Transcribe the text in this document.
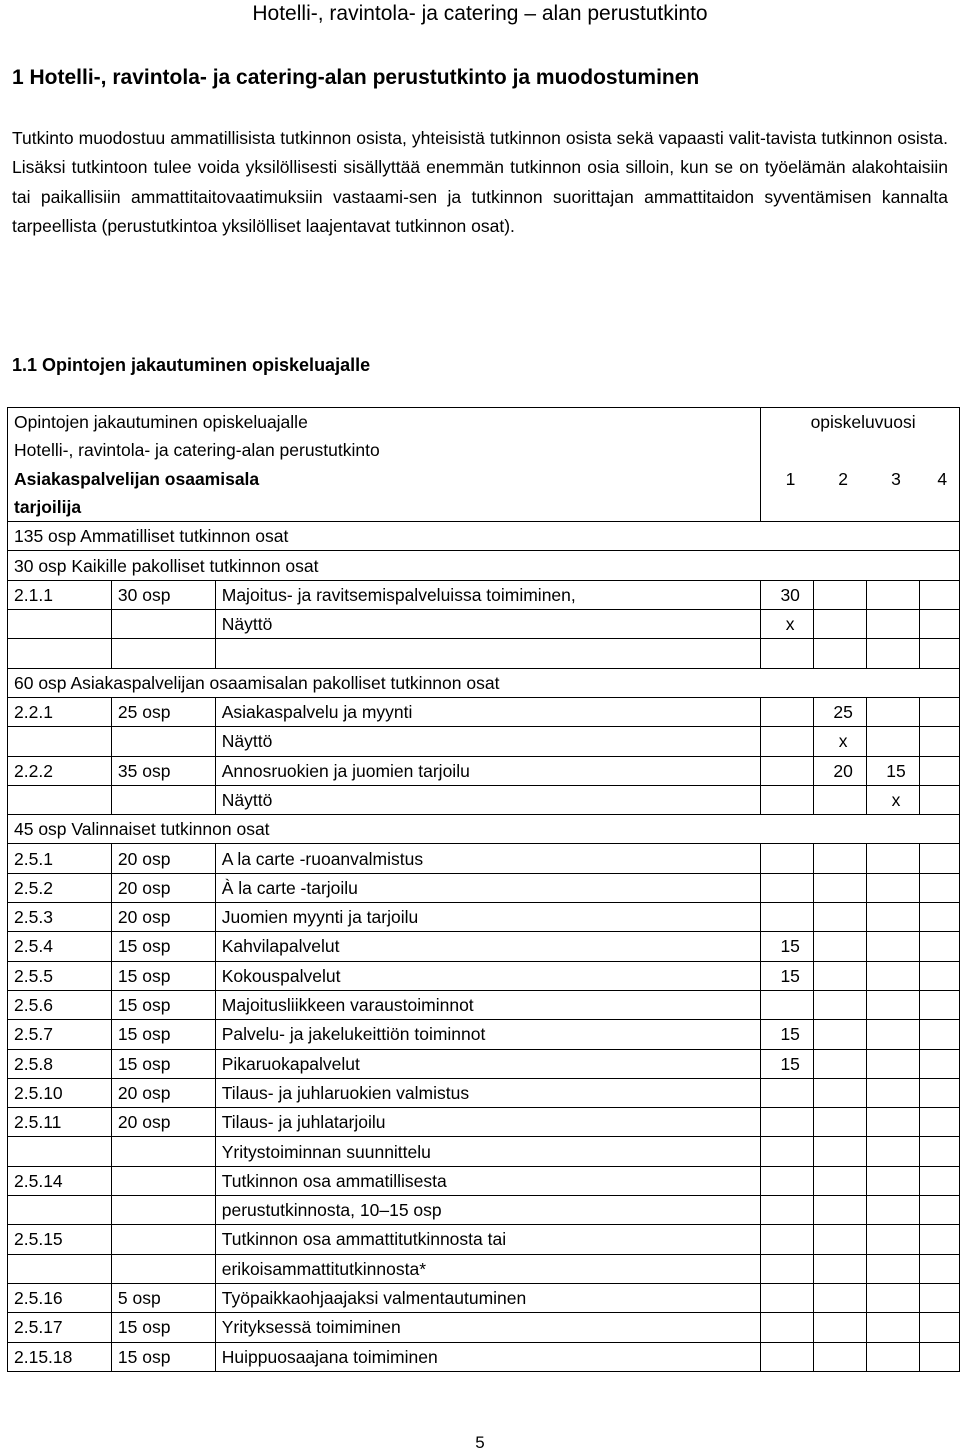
Hotelli-, ravintola- ja catering – alan perustutkinto
1 Hotelli-, ravintola- ja catering-alan perustutkinto ja muodostuminen
Tutkinto muodostuu ammatillisista tutkinnon osista, yhteisistä tutkinnon osista sekä vapaasti valit-tavista tutkinnon osista. Lisäksi tutkintoon tulee voida yksilöllisesti sisällyttää enemmän tutkinnon osia silloin, kun se on työelämän alakohtaisiin tai paikallisiin ammattitaitovaatimuksiin vastaami-sen ja tutkinnon suorittajan ammattitaidon syventämisen kannalta tarpeellista (perustutkintoa yksilölliset laajentavat tutkinnon osat).
1.1 Opintojen jakautuminen opiskeluajalle
Opintojen jakautuminen opiskeluajalle			opiskeluvuosi			
Hotelli-, ravintola- ja catering-alan perustutkinto						
Asiakaspalvelijan osaamisala			1	2	3	4
tarjoilija						
135 osp Ammatilliset tutkinnon osat						
30 osp Kaikille pakolliset tutkinnon osat						
2.1.1	30 osp	Majoitus- ja ravitsemispalveluissa toimiminen,	30			
		Näyttö	x			

60 osp Asiakaspalvelijan osaamisalan pakolliset tutkinnon osat						
2.2.1	25 osp	Asiakaspalvelu ja myynti		25		
		Näyttö		x		
2.2.2	35 osp	Annosruokien ja juomien tarjoilu		20	15	
		Näyttö			x	
45 osp Valinnaiset tutkinnon osat						
2.5.1	20 osp	A la carte -ruoanvalmistus				
2.5.2	20 osp	À la carte -tarjoilu				
2.5.3	20 osp	Juomien myynti ja tarjoilu				
2.5.4	15 osp	Kahvilapalvelut	15			
2.5.5	15 osp	Kokouspalvelut	15			
2.5.6	15 osp	Majoitusliikkeen varaustoiminnot				
2.5.7	15 osp	Palvelu- ja jakelukeittiön toiminnot	15			
2.5.8	15 osp	Pikaruokapalvelut	15			
2.5.10	20 osp	Tilaus- ja juhlaruokien valmistus				
2.5.11	20 osp	Tilaus- ja juhlatarjoilu				
		Yritystoiminnan suunnittelu				
2.5.14		Tutkinnon osa ammatillisesta				
		perustutkinnosta, 10–15 osp				
2.5.15		Tutkinnon osa ammattitutkinnosta tai				
		erikoisammattitutkinnosta*				
2.5.16	5 osp	Työpaikkaohjaajaksi valmentautuminen				
2.5.17	15 osp	Yrityksessä toimiminen				
2.15.18	15 osp	Huippuosaajana toimiminen				
5
